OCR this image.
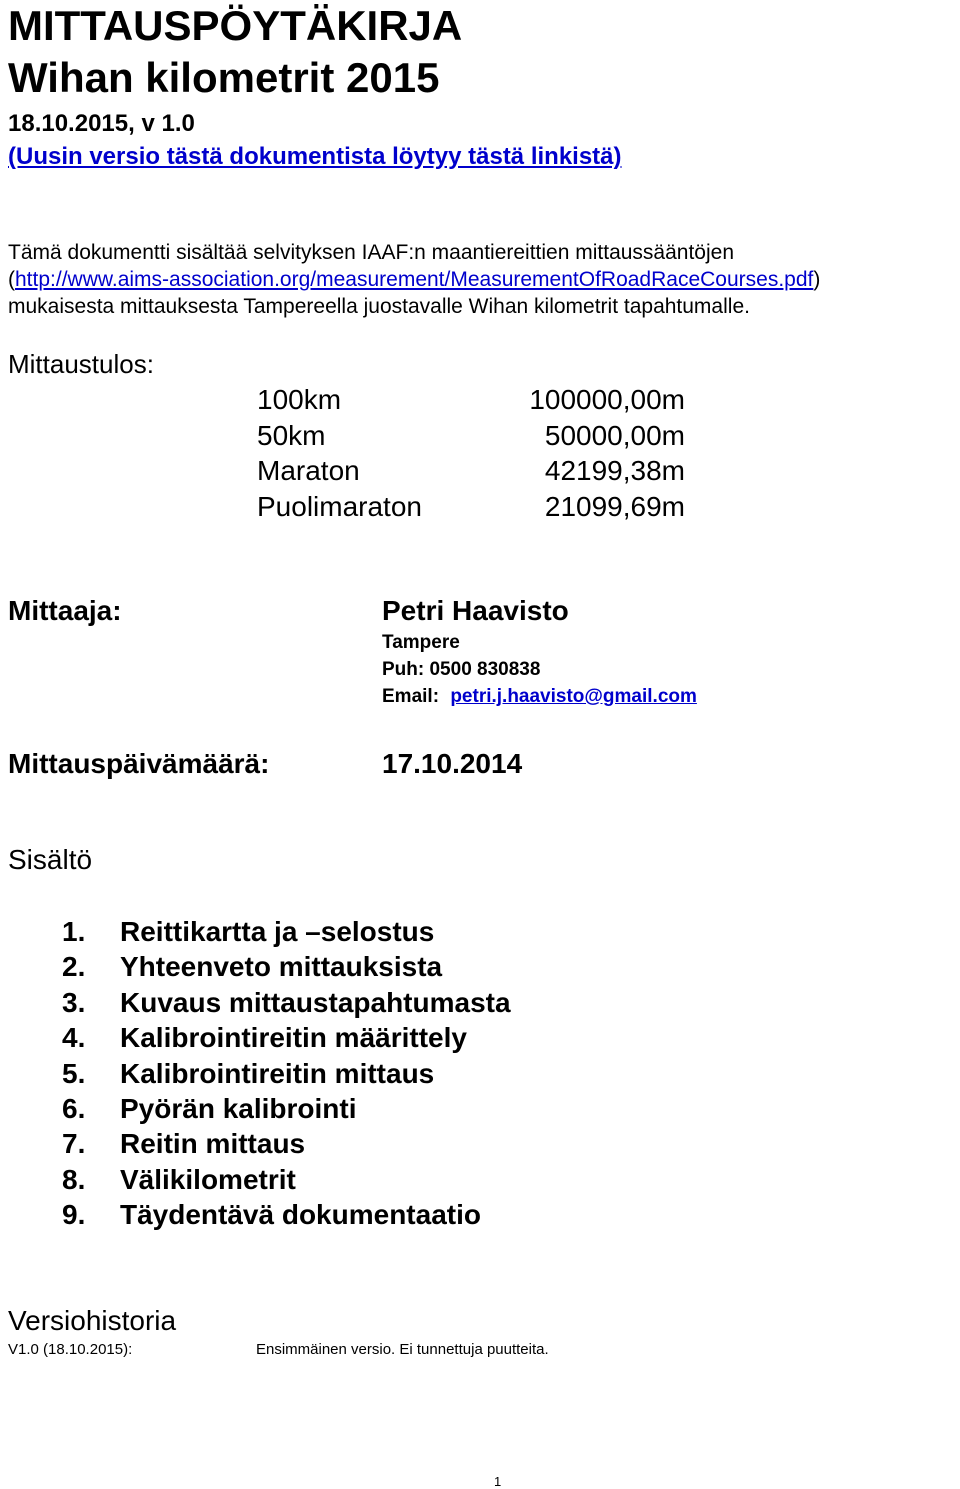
MITTAUSPÖYTÄKIRJA
Wihan kilometrit 2015
18.10.2015, v 1.0
(Uusin versio tästä dokumentista löytyy tästä linkistä)
Tämä dokumentti sisältää selvityksen IAAF:n maantiereittien mittaussääntöjen
(http://www.aims-association.org/measurement/MeasurementOfRoadRaceCourses.pdf)
mukaisesta mittauksesta Tampereella juostavalle Wihan kilometrit tapahtumalle.
Mittaustulos:
100km	100000,00m
50km	50000,00m
Maraton	42199,38m
Puolimaraton	21099,69m
Mittaaja:	Petri Haavisto
Tampere
Puh: 0500 830838
Email: petri.j.haavisto@gmail.com
Mittauspäivämäärä:	17.10.2014
Sisältö
1. Reittikartta ja –selostus
2. Yhteenveto mittauksista
3. Kuvaus mittaustapahtumasta
4. Kalibrointireitin määrittely
5. Kalibrointireitin mittaus
6. Pyörän kalibrointi
7. Reitin mittaus
8. Välikilometrit
9. Täydentävä dokumentaatio
Versiohistoria
V1.0 (18.10.2015):	Ensimmäinen versio. Ei tunnettuja puutteita.
1
